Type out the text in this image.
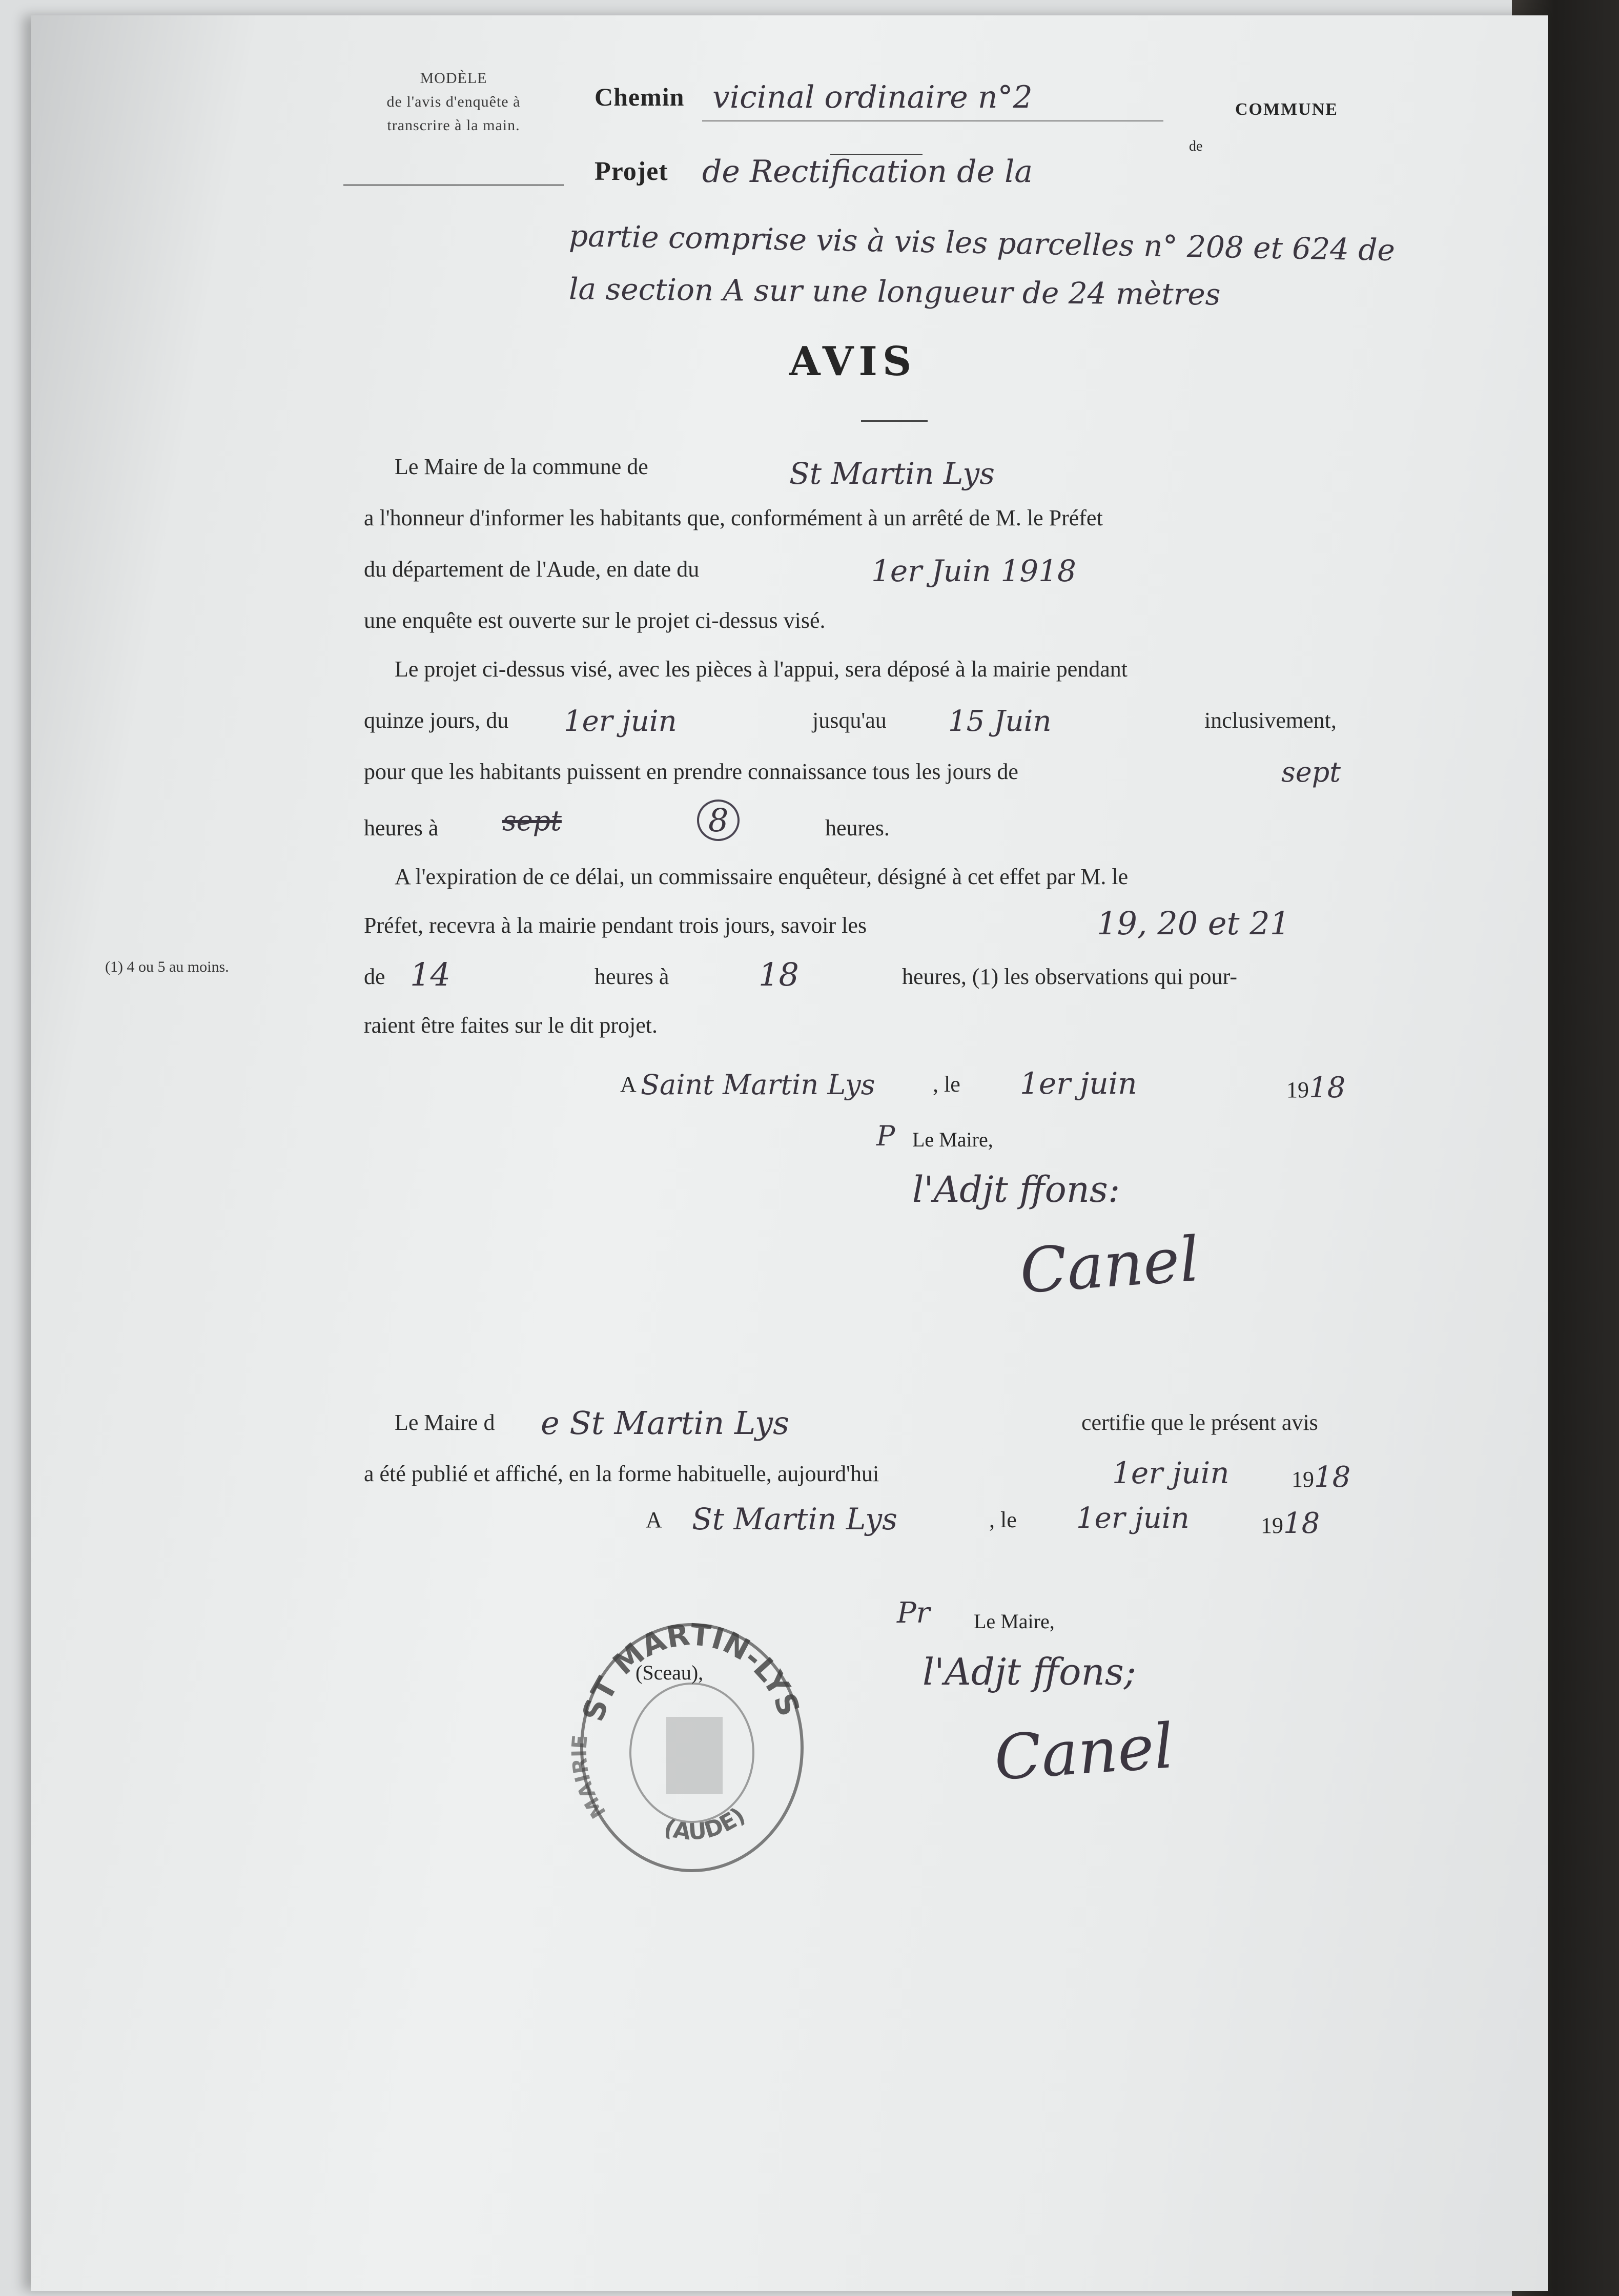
MODÈLE
de l'avis d'enquête à
transcrire à la main.
Chemin vicinal ordinaire n°2	COMMUNE
de
Projet de Rectification de la
partie comprise vis à vis les parcelles n° 208 et 624 de
la section A sur une longueur de 24 mètres
AVIS
Le Maire de la commune de	St Martin Lys
a l'honneur d'informer les habitants que, conformément à un arrêté de M. le Préfet
du département de l'Aude, en date du	1er Juin 1918
une enquête est ouverte sur le projet ci-dessus visé.
Le projet ci-dessus visé, avec les pièces à l'appui, sera déposé à la mairie pendant
quinze jours, du 1er juin	jusqu'au 15 Juin	inclusivement,
pour que les habitants puissent en prendre connaissance tous les jours de	sept
heures à sept	8	heures.
A l'expiration de ce délai, un commissaire enquêteur, désigné à cet effet par M. le
Préfet, recevra à la mairie pendant trois jours, savoir les	19, 20 et 21
(1) 4 ou 5 au moins.	de 14	heures à	18	heures, (1) les observations qui pour-
raient être faites sur le dit projet.
A Saint Martin Lys	, le 1er juin	1918
P Le Maire,
l'Adjt ffons:
Canel
Le Maire d e St Martin Lys	certifie que le présent avis
a été publié et affiché, en la forme habituelle, aujourd'hui	1er juin	1918
A St Martin Lys	, le 1er juin	1918
Pr Le Maire,
l'Adjt ffons;
Canel
ST MARTIN-LYS
(AUDE)
MAIRIE
(Sceau),
